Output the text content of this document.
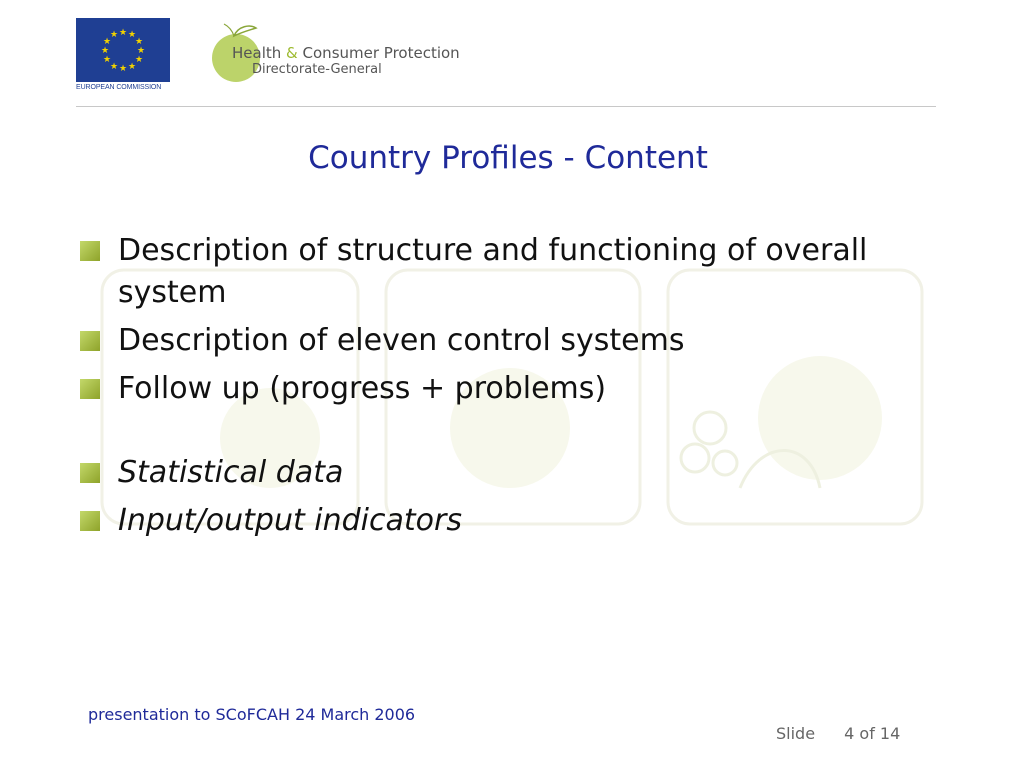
★ ★
★
★
★
★
★
★
★
★
★
★
EUROPEAN COMMISSION
Health & Consumer Protection
Directorate-General
Country Profiles - Content
Description of structure and functioning of overall system
Description of eleven control systems
Follow up (progress + problems)
Statistical data
Input/output indicators
presentation to SCoFCAH 24 March 2006
Slide 4 of 14
